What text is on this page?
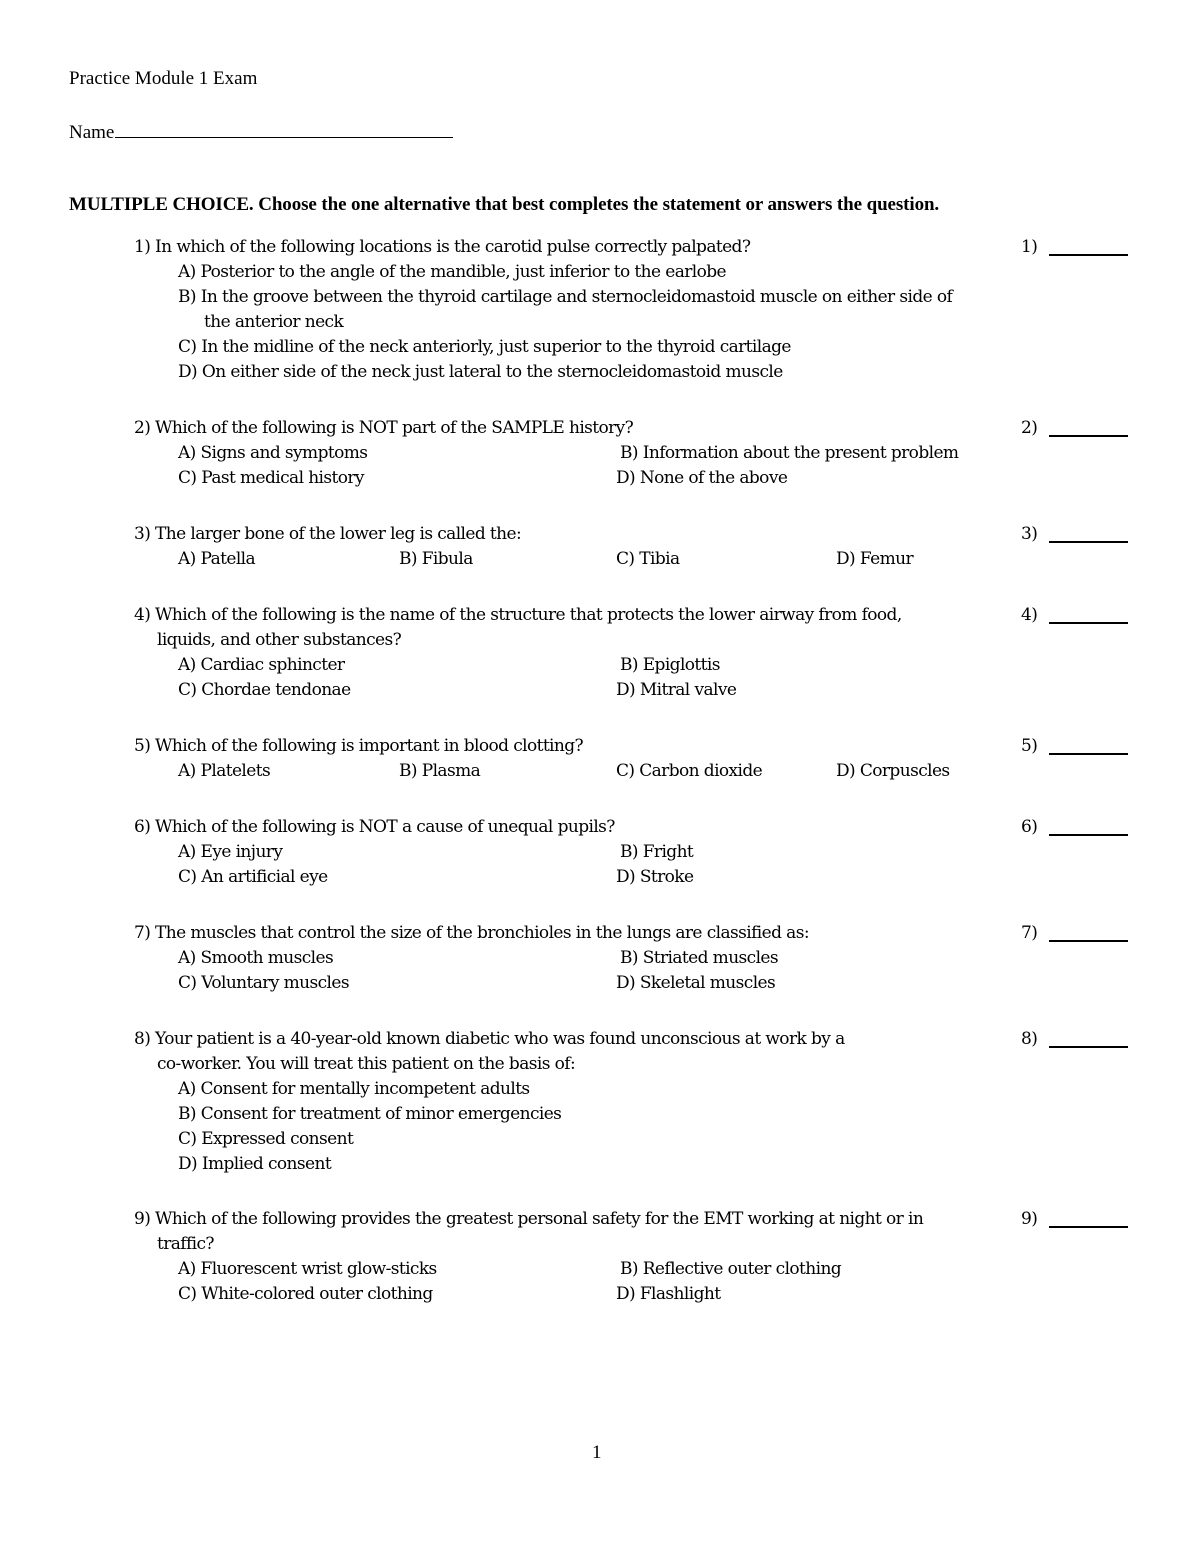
Practice Module 1 Exam
Name
MULTIPLE CHOICE. Choose the one alternative that best completes the statement or answers the question.
1) In which of the following locations is the carotid pulse correctly palpated?
A) Posterior to the angle of the mandible, just inferior to the earlobe
B) In the groove between the thyroid cartilage and sternocleidomastoid muscle on either side of
the anterior neck
C) In the midline of the neck anteriorly, just superior to the thyroid cartilage
D) On either side of the neck just lateral to the sternocleidomastoid muscle
1)
2) Which of the following is NOT part of the SAMPLE history?
A) Signs and symptoms	B) Information about the present problem
C) Past medical history	D) None of the above
2)
3) The larger bone of the lower leg is called the:
A) Patella	B) Fibula	C) Tibia	D) Femur
3)
4) Which of the following is the name of the structure that protects the lower airway from food,
liquids, and other substances?
A) Cardiac sphincter	B) Epiglottis
C) Chordae tendonae	D) Mitral valve
4)
5) Which of the following is important in blood clotting?
A) Platelets	B) Plasma	C) Carbon dioxide	D) Corpuscles
5)
6) Which of the following is NOT a cause of unequal pupils?
A) Eye injury	B) Fright
C) An artificial eye	D) Stroke
6)
7) The muscles that control the size of the bronchioles in the lungs are classified as:
A) Smooth muscles	B) Striated muscles
C) Voluntary muscles	D) Skeletal muscles
7)
8) Your patient is a 40-year-old known diabetic who was found unconscious at work by a
co-worker. You will treat this patient on the basis of:
A) Consent for mentally incompetent adults
B) Consent for treatment of minor emergencies
C) Expressed consent
D) Implied consent
8)
9) Which of the following provides the greatest personal safety for the EMT working at night or in
traffic?
A) Fluorescent wrist glow-sticks	B) Reflective outer clothing
C) White-colored outer clothing	D) Flashlight
9)
1
